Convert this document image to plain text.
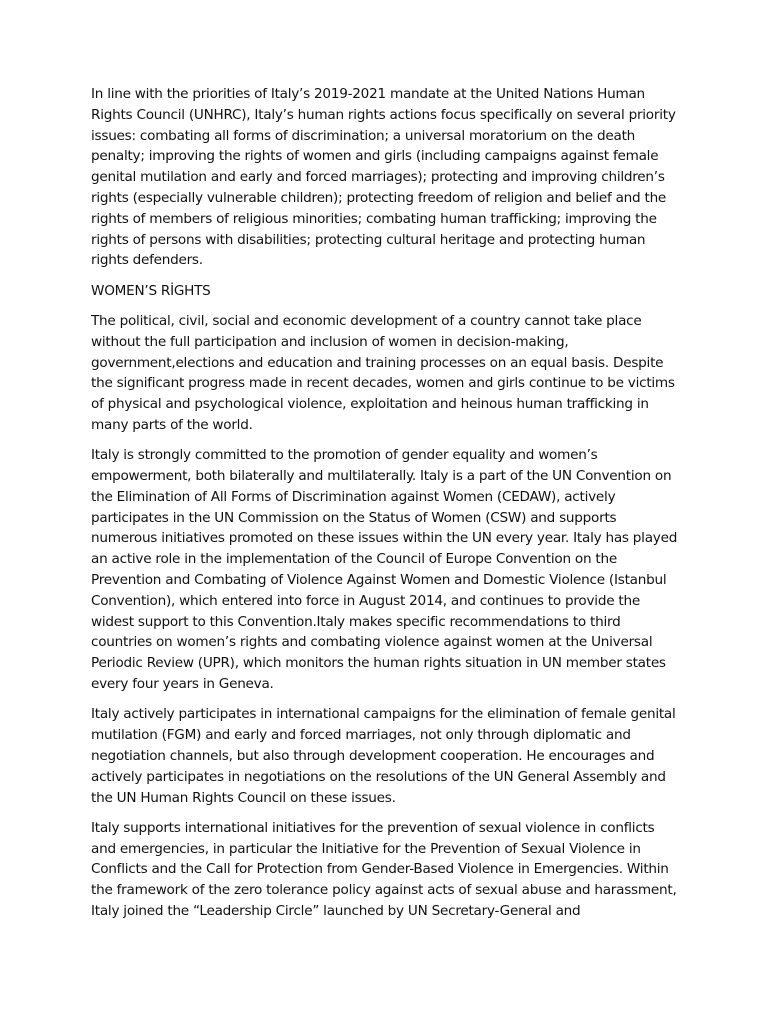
In line with the priorities of Italy’s 2019-2021 mandate at the United Nations Human Rights Council (UNHRC), Italy’s human rights actions focus specifically on several priority issues: combating all forms of discrimination; a universal moratorium on the death penalty; improving the rights of women and girls (including campaigns against female genital mutilation and early and forced marriages); protecting and improving children’s rights (especially vulnerable children); protecting freedom of religion and belief and the rights of members of religious minorities; combating human trafficking; improving the rights of persons with disabilities; protecting cultural heritage and protecting human rights defenders.

WOMEN’S RİGHTS

The political, civil, social and economic development of a country cannot take place without the full participation and inclusion of women in decision-making, government,elections and education and training processes on an equal basis. Despite the significant progress made in recent decades, women and girls continue to be victims of physical and psychological violence, exploitation and heinous human trafficking in many parts of the world.

Italy is strongly committed to the promotion of gender equality and women’s empowerment, both bilaterally and multilaterally. Italy is a part of the UN Convention on the Elimination of All Forms of Discrimination against Women (CEDAW), actively participates in the UN Commission on the Status of Women (CSW) and supports numerous initiatives promoted on these issues within the UN every year. Italy has played an active role in the implementation of the Council of Europe Convention on the Prevention and Combating of Violence Against Women and Domestic Violence (Istanbul Convention), which entered into force in August 2014, and continues to provide the widest support to this Convention.Italy makes specific recommendations to third countries on women’s rights and combating violence against women at the Universal Periodic Review (UPR), which monitors the human rights situation in UN member states every four years in Geneva.

Italy actively participates in international campaigns for the elimination of female genital mutilation (FGM) and early and forced marriages, not only through diplomatic and negotiation channels, but also through development cooperation. He encourages and actively participates in negotiations on the resolutions of the UN General Assembly and the UN Human Rights Council on these issues.

Italy supports international initiatives for the prevention of sexual violence in conflicts and emergencies, in particular the Initiative for the Prevention of Sexual Violence in Conflicts and the Call for Protection from Gender-Based Violence in Emergencies. Within the framework of the zero tolerance policy against acts of sexual abuse and harassment, Italy joined the “Leadership Circle” launched by UN Secretary-General and
